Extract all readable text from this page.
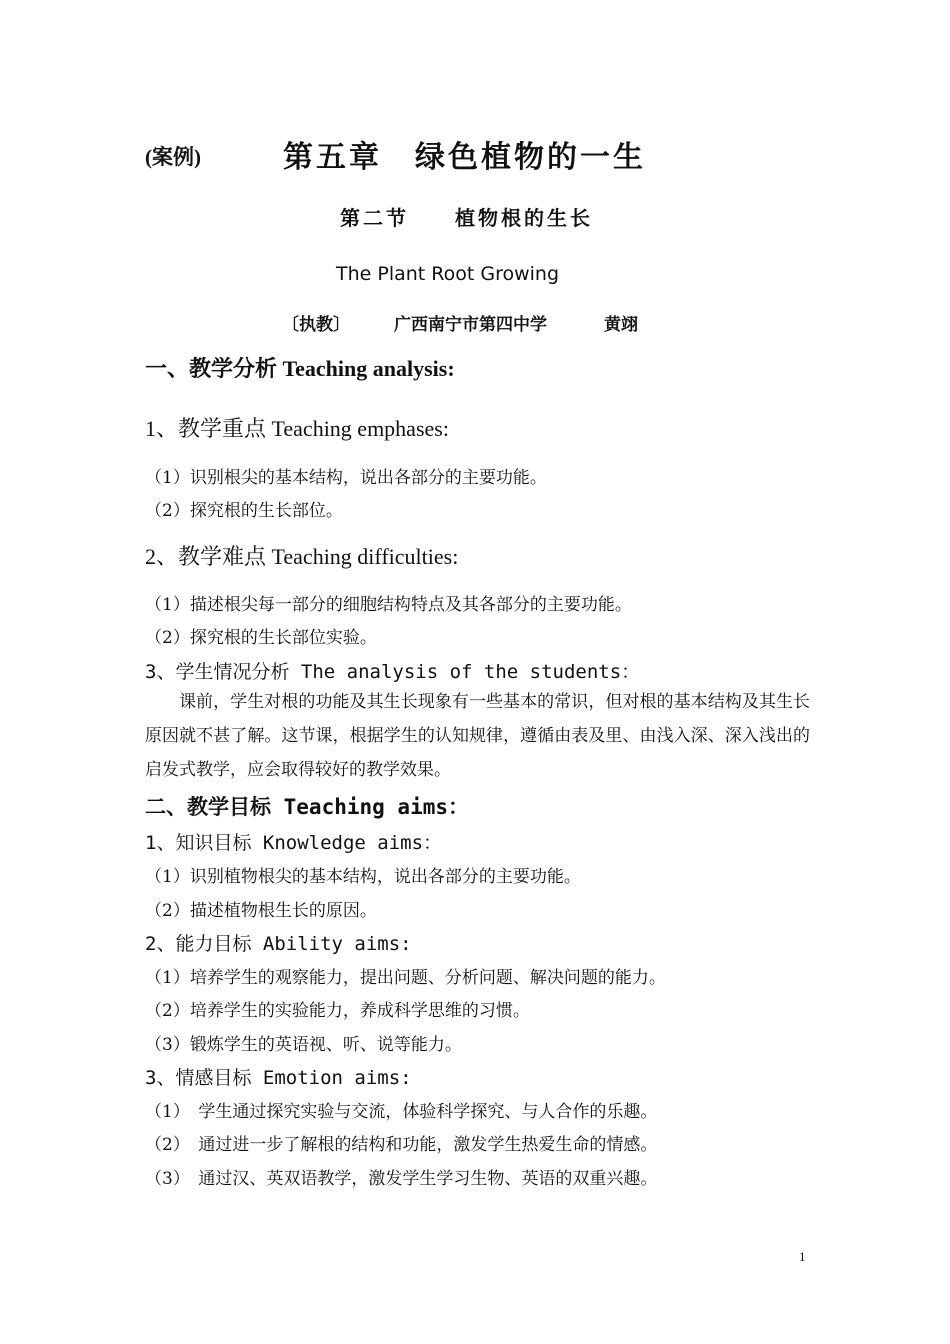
(案例)	第五章　绿色植物的一生
第二节　　植物根的生长
The Plant Root Growing
〔执教〕	广西南宁市第四中学	黄翊
一、教学分析 Teaching analysis:
1、教学重点 Teaching emphases:
（1）识别根尖的基本结构，说出各部分的主要功能。
（2）探究根的生长部位。
2、教学难点 Teaching difficulties:
（1）描述根尖每一部分的细胞结构特点及其各部分的主要功能。
（2）探究根的生长部位实验。
3、学生情况分析 The analysis of the students：
课前，学生对根的功能及其生长现象有一些基本的常识，但对根的基本结构及其生长原因就不甚了解。这节课，根据学生的认知规律，遵循由表及里、由浅入深、深入浅出的启发式教学，应会取得较好的教学效果。
二、教学目标 Teaching aims：
1、知识目标 Knowledge aims：
（1）识别植物根尖的基本结构，说出各部分的主要功能。
（2）描述植物根生长的原因。
2、能力目标 Ability aims:
（1）培养学生的观察能力，提出问题、分析问题、解决问题的能力。
（2）培养学生的实验能力，养成科学思维的习惯。
（3）锻炼学生的英语视、听、说等能力。
3、情感目标 Emotion aims:
（1）　学生通过探究实验与交流，体验科学探究、与人合作的乐趣。
（2）　通过进一步了解根的结构和功能，激发学生热爱生命的情感。
（3）　通过汉、英双语教学，激发学生学习生物、英语的双重兴趣。
1
